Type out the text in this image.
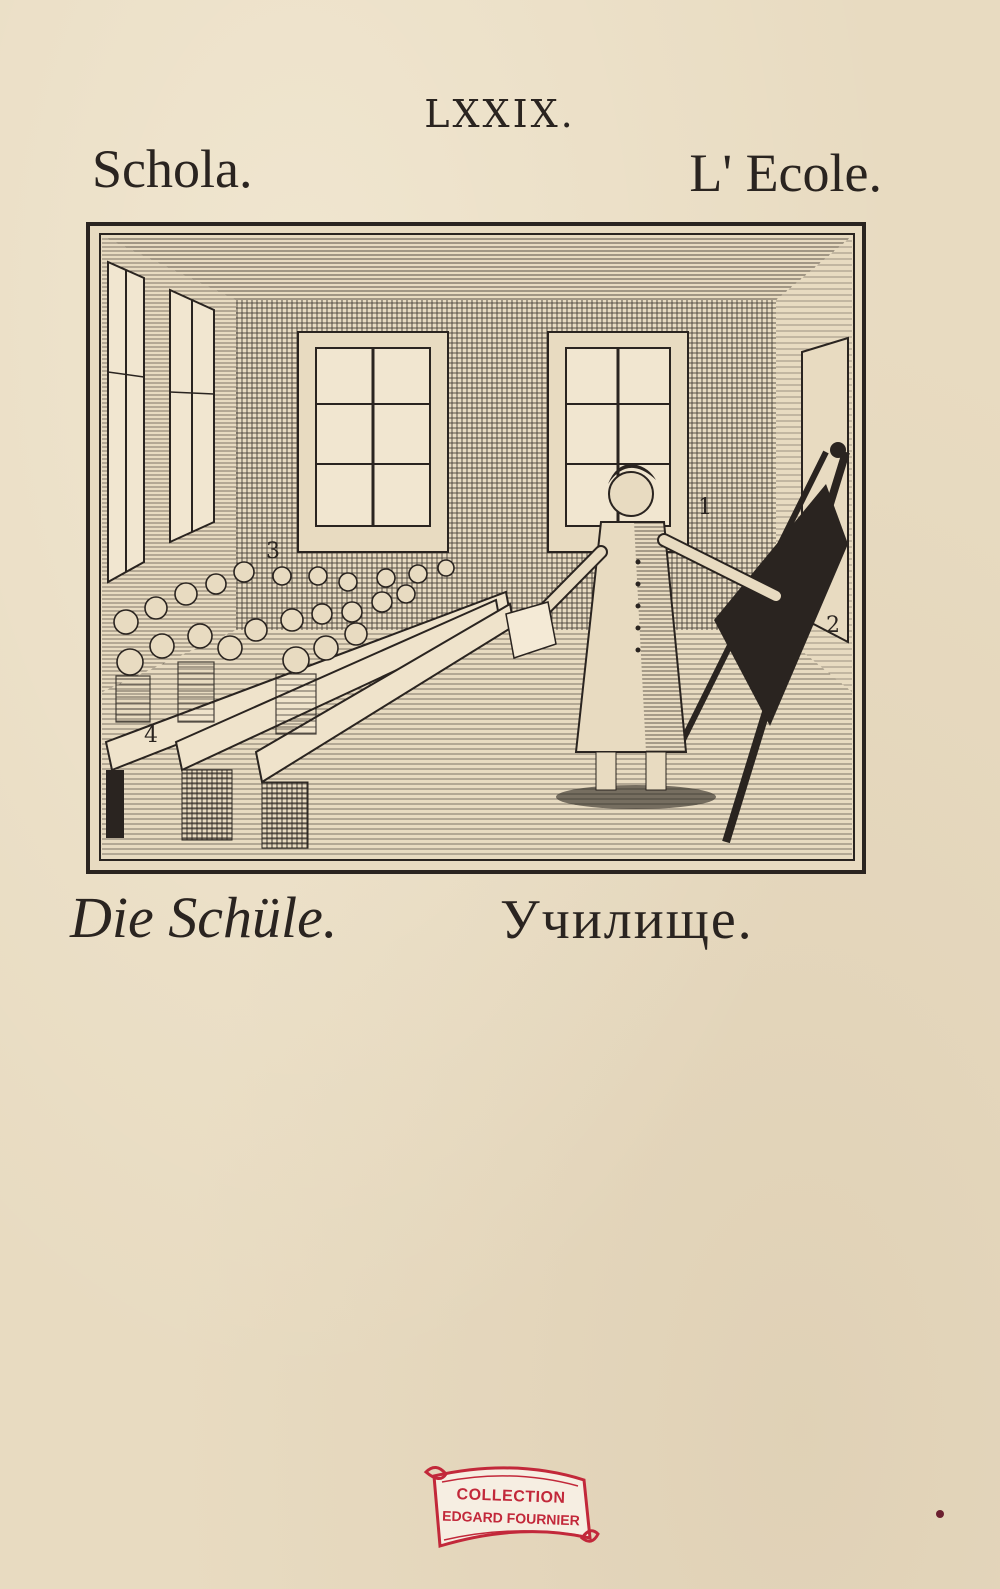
LXXIX.
Schola.	L' Ecole.
1
2
3
4
Die Schüle.	Училище.
COLLECTION
EDGARD FOURNIER
